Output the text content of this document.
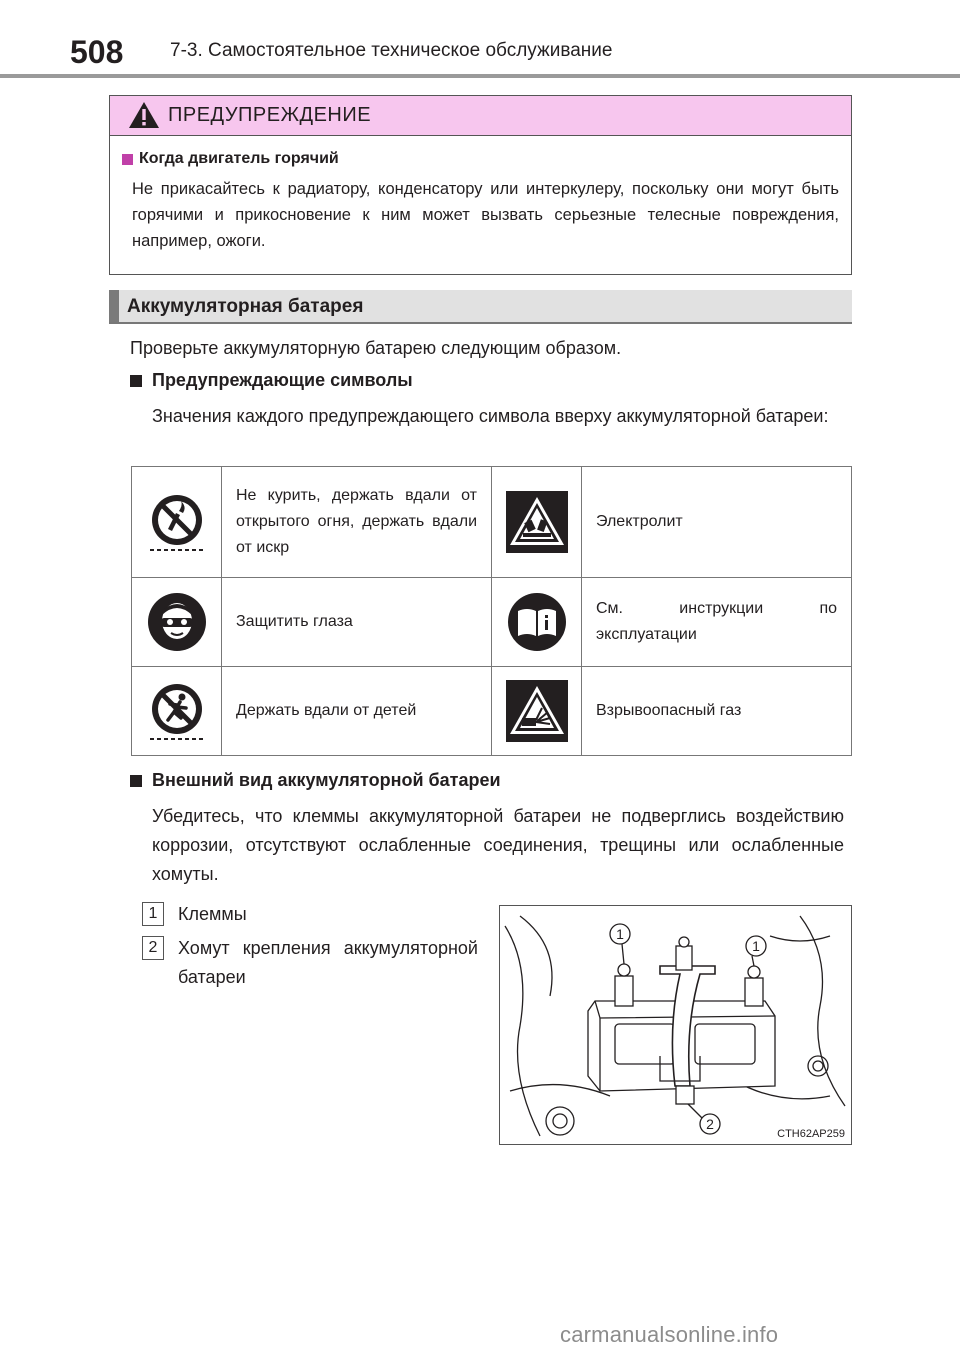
508 7-3. Самостоятельное техническое обслуживание
ПРЕДУПРЕЖДЕНИЕ
Когда двигатель горячий
Не прикасайтесь к радиатору, конденсатору или интеркулеру, поскольку они могут быть горячими и прикосновение к ним может вызвать серьезные телесные повреждения, например, ожоги.
Аккумуляторная батарея
Проверьте аккумуляторную батарею следующим образом.
Предупреждающие символы
Значения каждого предупреждающего символа вверху аккумуляторной батареи:
	Не курить, держать вдали от открытого огня, держать вдали от искр		Электролит

	Защитить глаза		См. инструкции по эксплуатации

	Держать вдали от детей		Взрывоопасный газ
Внешний вид аккумуляторной батареи
Убедитесь, что клеммы аккумуляторной батареи не подверглись воздействию коррозии, отсутствуют ослабленные соединения, трещины или ослабленные хомуты.
1	Клеммы
2	Хомут крепления аккумуляторной батареи
1
1
2
CTH62AP259
carmanualsonline.info
